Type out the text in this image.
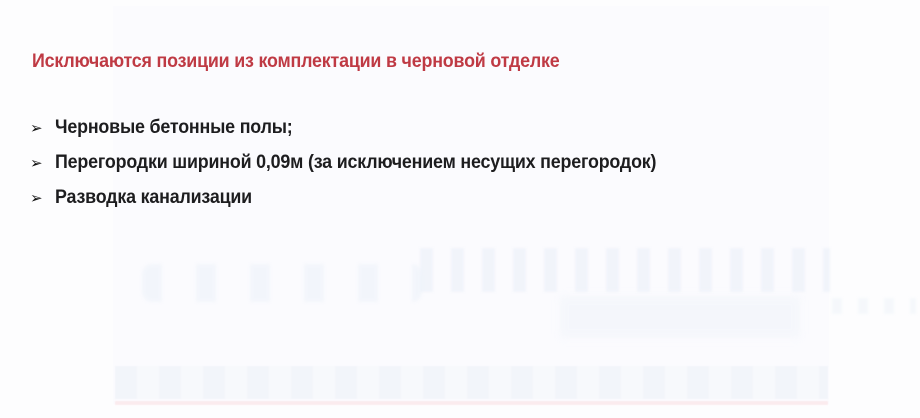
Исключаются позиции из комплектации в черновой отделке
➢ Черновые бетонные полы;
➢ Перегородки шириной 0,09м (за исключением несущих перегородок)
➢ Разводка канализации
